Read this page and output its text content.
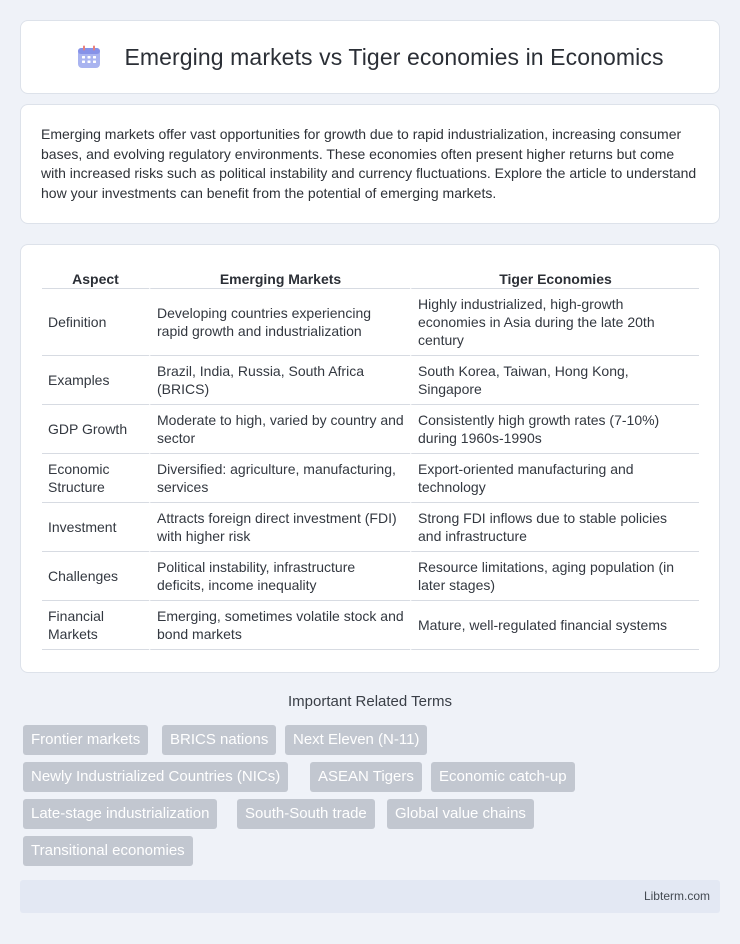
Emerging markets vs Tiger economies in Economics

Emerging markets offer vast opportunities for growth due to rapid industrialization, increasing consumer bases, and evolving regulatory environments. These economies often present higher returns but come with increased risks such as political instability and currency fluctuations. Explore the article to understand how your investments can benefit from the potential of emerging markets.

Aspect	Emerging Markets	Tiger Economies
Definition	Developing countries experiencing rapid growth and industrialization	Highly industrialized, high-growth economies in Asia during the late 20th century
Examples	Brazil, India, Russia, South Africa (BRICS)	South Korea, Taiwan, Hong Kong, Singapore
GDP Growth	Moderate to high, varied by country and sector	Consistently high growth rates (7-10%) during 1960s-1990s
Economic Structure	Diversified: agriculture, manufacturing, services	Export-oriented manufacturing and technology
Investment	Attracts foreign direct investment (FDI) with higher risk	Strong FDI inflows due to stable policies and infrastructure
Challenges	Political instability, infrastructure deficits, income inequality	Resource limitations, aging population (in later stages)
Financial Markets	Emerging, sometimes volatile stock and bond markets	Mature, well-regulated financial systems
Important Related Terms
Frontier markets	BRICS nations	Next Eleven (N-11)
Newly Industrialized Countries (NICs)	ASEAN Tigers	Economic catch-up
Late-stage industrialization	South-South trade	Global value chains
Transitional economies
Libterm.com
